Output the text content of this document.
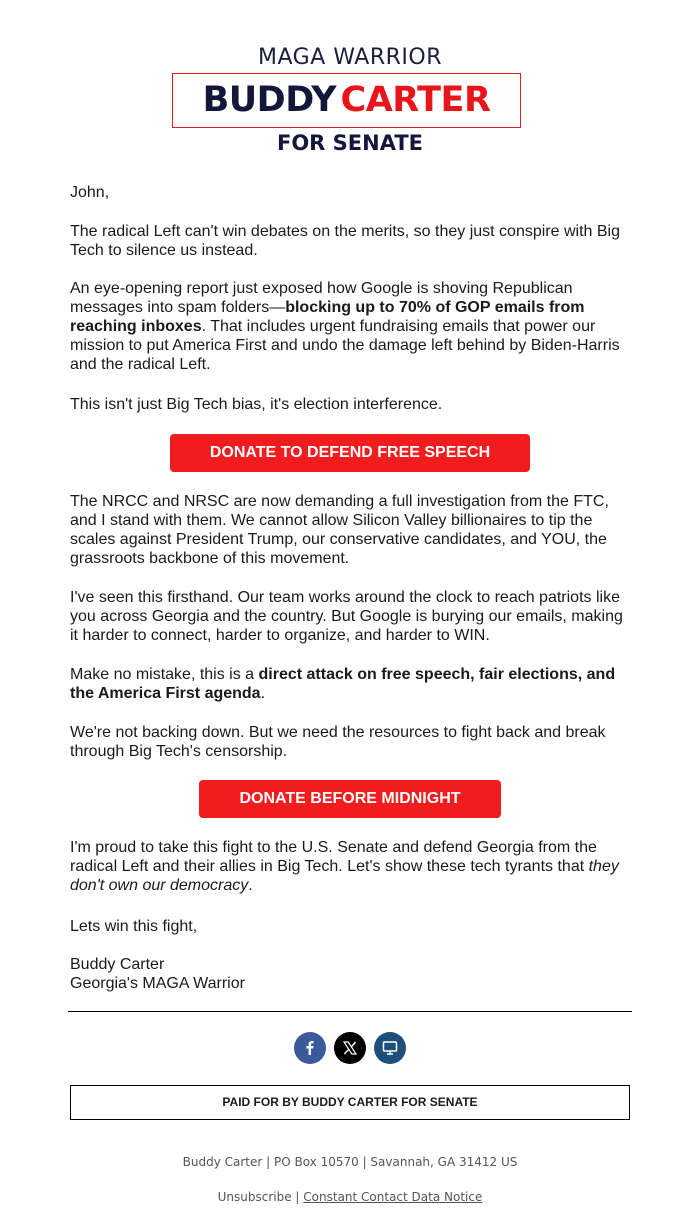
MAGA WARRIOR
BUDDY CARTER
FOR SENATE

John,

The radical Left can't win debates on the merits, so they just conspire with Big Tech to silence us instead.

An eye-opening report just exposed how Google is shoving Republican messages into spam folders—blocking up to 70% of GOP emails from reaching inboxes. That includes urgent fundraising emails that power our mission to put America First and undo the damage left behind by Biden-Harris and the radical Left.

This isn't just Big Tech bias, it's election interference.

The NRCC and NRSC are now demanding a full investigation from the FTC, and I stand with them. We cannot allow Silicon Valley billionaires to tip the scales against President Trump, our conservative candidates, and YOU, the grassroots backbone of this movement.

I've seen this firsthand. Our team works around the clock to reach patriots like you across Georgia and the country. But Google is burying our emails, making it harder to connect, harder to organize, and harder to WIN.

Make no mistake, this is a direct attack on free speech, fair elections, and the America First agenda.

We're not backing down. But we need the resources to fight back and break through Big Tech's censorship.

I'm proud to take this fight to the U.S. Senate and defend Georgia from the radical Left and their allies in Big Tech. Let's show these tech tyrants that they don't own our democracy.

Lets win this fight,

Buddy Carter

Georgia's MAGA Warrior

DONATE TO DEFEND FREE SPEECH
DONATE BEFORE MIDNIGHT
PAID FOR BY BUDDY CARTER FOR SENATE
Buddy Carter | PO Box 10570 | Savannah, GA 31412 US
Unsubscribe | Constant Contact Data Notice
